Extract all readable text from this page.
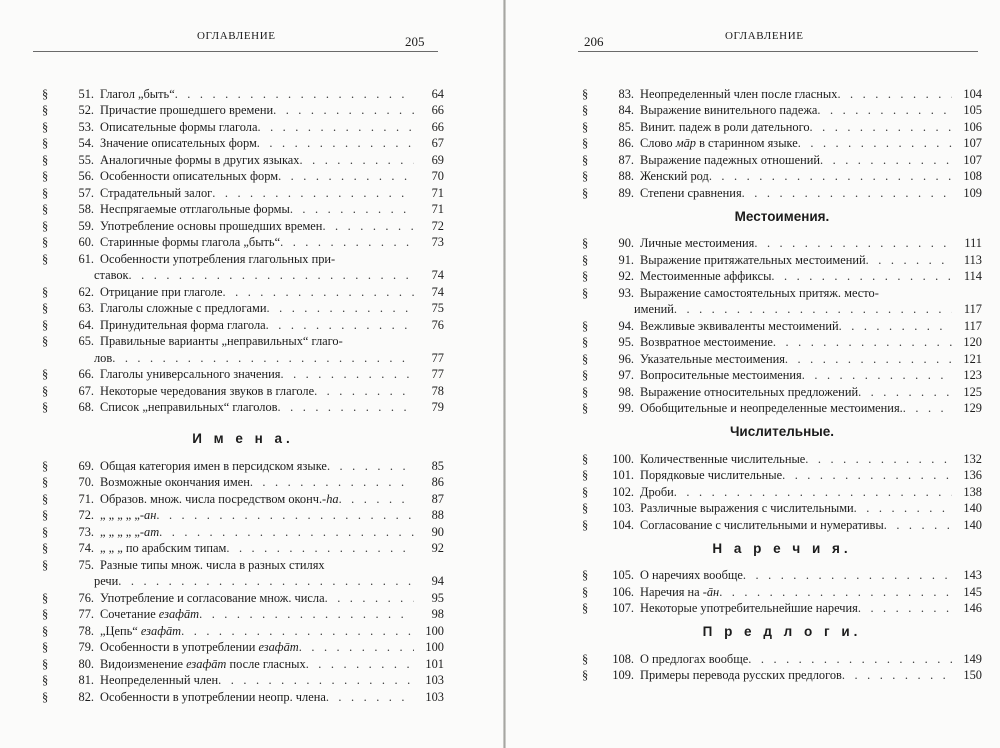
ОГЛАВЛЕНИЕ	205
§	51. Глагол „быть“ . . .	64
§	52. Причастие прошедшего времени . . .	66
§	53. Описательные формы глагола . . .	66
§	54. Значение описательных форм . . .	67
§	55. Аналогичные формы в других языках . . .	69
§	56. Особенности описательных форм . . .	70
§	57. Страдательный залог . . .	71
§	58. Неспрягаемые отглагольные формы . . .	71
§	59. Употребление основы прошедших времен . . .	72
§	60. Старинные формы глагола „быть“ . . .	73
§	61. Особенности употребления глагольных при-
ставок . . .	74
§	62. Отрицание при глаголе . . .	74
§	63. Глаголы сложные с предлогами . . .	75
§	64. Принудительная форма глагола . . .	76
§	65. Правильные варианты „неправильных“ глаго-
лов . . .	77
§	66. Глаголы универсального значения . . .	77
§	67. Некоторые чередования звуков в глаголе . . .	78
§	68. Список „неправильных“ глаголов . . .	79
И м е н а.
§	69. Общая категория имен в персидском языке . . .	85
§	70. Возможные окончания имен . . .	86
§	71. Образов. множ. числа посредством оконч.-ha . . .	87
§	72. „ „ „ „ „-ан . . .	88
§	73. „ „ „ „ „-ат . . .	90
§	74. „ „ „ по арабским типам . . .	92
§	75. Разные типы множ. числа в разных стилях
речи . . .	94
§	76. Употребление и согласование множ. числа . . .	95
§	77. Сочетание езафāт . . .	98
§	78. „Цепь“ езафāт . . .	100
§	79. Особенности в употреблении езафāт . . .	100
§	80. Видоизменение езафāт после гласных . . .	101
§	81. Неопределенный член . . .	103
§	82. Особенности в употреблении неопр. члена . . .	103
206	ОГЛАВЛЕНИЕ
§	83. Неопределенный член после гласных . . .	104
§	84. Выражение винительного падежа . . .	105
§	85. Винит. падеж в роли дательного . . .	106
§	86. Слово мāр в старинном языке . . .	107
§	87. Выражение падежных отношений . . .	107
§	88. Женский род . . .	108
§	89. Степени сравнения . . .	109
Местоимения.
§	90. Личные местоимения . . .	111
§	91. Выражение притяжательных местоимений . . .	113
§	92. Местоименные аффиксы . . .	114
§	93. Выражение самостоятельных притяж. место-
имений . . .	117
§	94. Вежливые эквиваленты местоимений . . .	117
§	95. Возвратное местоимение . . .	120
§	96. Указательные местоимения . . .	121
§	97. Вопросительные местоимения . . .	123
§	98. Выражение относительных предложений . . .	125
§	99. Обобщительные и неопределенные местоимения. . . .	129
Числительные.
§	100. Количественные числительные . . .	132
§	101. Порядковые числительные . . .	136
§	102. Дроби . . .	138
§	103. Различные выражения с числительными . . .	140
§	104. Согласование с числительными и нумеративы . . .	140
Н а р е ч и я.
§	105. О наречиях вообще . . .	143
§	106. Наречия на -āн . . .	145
§	107. Некоторые употребительнейшие наречия . . .	146
П р е д л о г и.
§	108. О предлогах вообще . . .	149
§	109. Примеры перевода русских предлогов . . .	150
